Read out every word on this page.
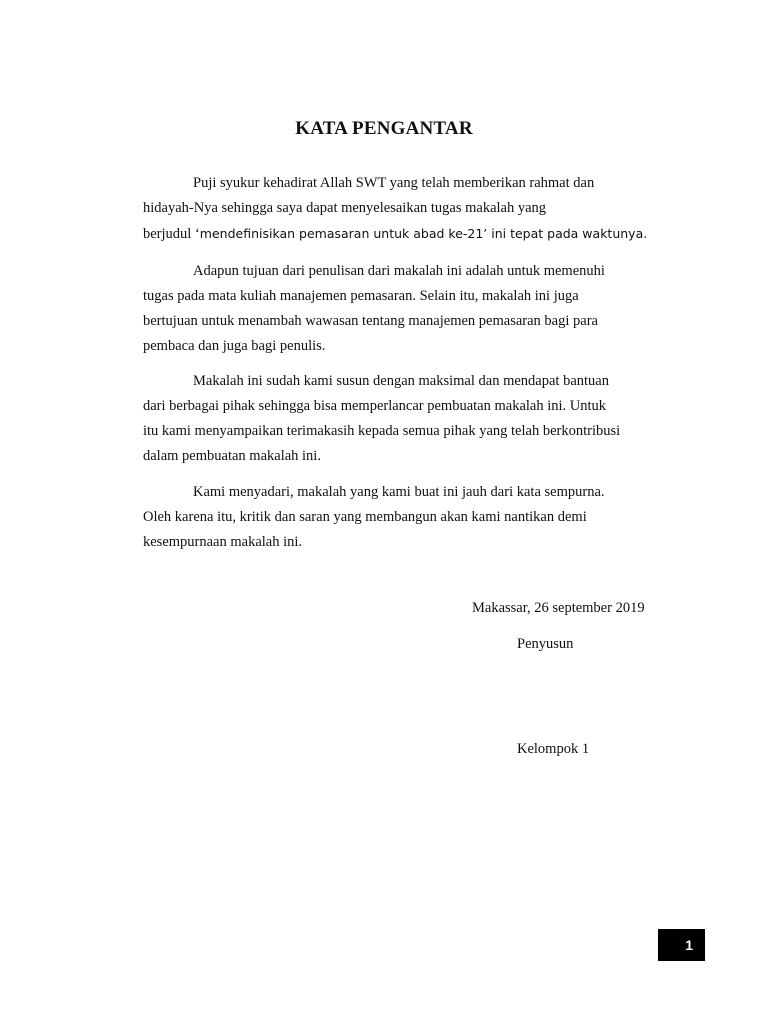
KATA PENGANTAR

Puji syukur kehadirat Allah SWT yang telah memberikan rahmat dan
hidayah-Nya sehingga saya dapat menyelesaikan tugas makalah yang
berjudul ‘mendefinisikan pemasaran untuk abad ke-21’ ini tepat pada waktunya.

Adapun tujuan dari penulisan dari makalah ini adalah untuk memenuhi
tugas pada mata kuliah manajemen pemasaran. Selain itu, makalah ini juga
bertujuan untuk menambah wawasan tentang manajemen pemasaran bagi para
pembaca dan juga bagi penulis.

Makalah ini sudah kami susun dengan maksimal dan mendapat bantuan
dari berbagai pihak sehingga bisa memperlancar pembuatan makalah ini. Untuk
itu kami menyampaikan terimakasih kepada semua pihak yang telah berkontribusi
dalam pembuatan makalah ini.

Kami menyadari, makalah yang kami buat ini jauh dari kata sempurna.
Oleh karena itu, kritik dan saran yang membangun akan kami nantikan demi
kesempurnaan makalah ini.

Makassar, 26 september 2019
Penyusun
Kelompok 1
1
